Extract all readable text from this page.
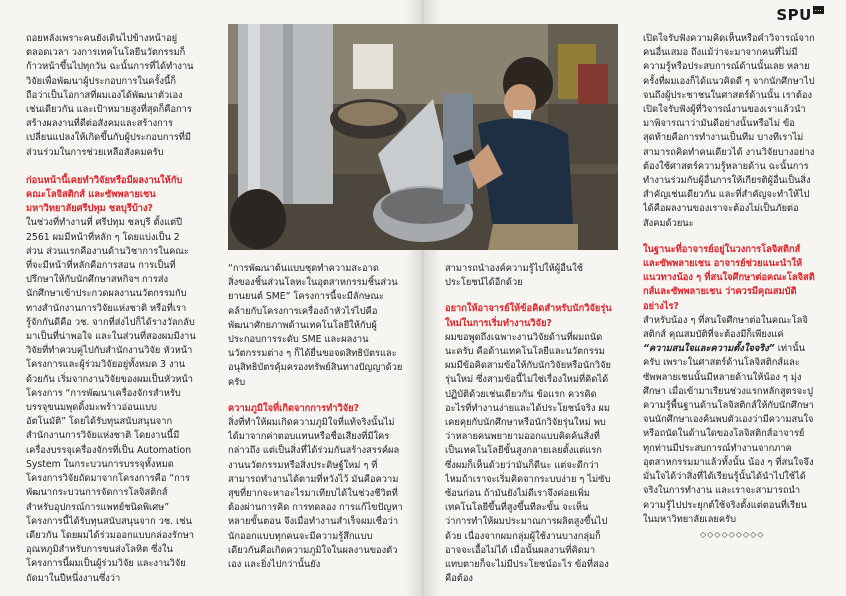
SPU ...

ถอยหลังเพราะคนยังเดินไปข้างหน้าอยู่ตลอดเวลา วงการเทคโนโลยีนวัตกรรมก็ก้าวหน้าขึ้นไปทุกวัน ฉะนั้นการที่ได้ทำงานวิจัยเพื่อพัฒนาผู้ประกอบการในครั้งนี้ก็ถือว่าเป็นโอกาสที่ผมเองได้พัฒนาตัวเองเช่นเดียวกัน และเป้าหมายสูงที่สุดก็คือการสร้างผลงานที่ดีต่อสังคมและสร้างการเปลี่ยนแปลงให้เกิดขึ้นกับผู้ประกอบการที่มีส่วนร่วมในการช่วยเหลือสังคมครับ

ก่อนหน้านี้เคยทำวิจัยหรือมีผลงานให้กับคณะโลจิสติกส์ และซัพพลายเชน มหาวิทยาลัยศรีปทุม ชลบุรีบ้าง?

ในช่วงที่ทำงานที่ ศรีปทุม ชลบุรี ตั้งแต่ปี 2561 ผมมีหน้าที่หลัก ๆ โดยแบ่งเป็น 2 ส่วน ส่วนแรกคืองานด้านวิชาการในคณะ ที่จะมีหน้าที่หลักคือการสอน การเป็นที่ปรึกษาให้กับนักศึกษาสหกิจฯ การส่งนักศึกษาเข้าประกวดผลงานนวัตกรรมกับทางสำนักงานการวิจัยแห่งชาติ หรือที่เรารู้จักกันดีคือ วช. จากที่ส่งไปก็ได้รางวัลกลับมาเป็นที่น่าพอใจ และในส่วนที่สองผมมีงานวิจัยที่ทำควบคู่ไปกับสำนักงานวิจัย หัวหน้าโครงการและผู้ร่วมวิจัยอยู่ทั้งหมด 3 งานด้วยกัน เริ่มจากงานวิจัยของผมเป็นหัวหน้าโครงการ “การพัฒนาเครื่องจักรสำหรับบรรจุขนมพุดดิ้งมะพร้าวอ่อนแบบอัตโนมัติ” โดยได้รับทุนสนับสนุนจากสำนักงานการวิจัยแห่งชาติ โดยงานนี้มีเครื่องบรรจุเครื่องจักรที่เป็น Automation System ในกระบวนการบรรจุทั้งหมด โครงการวิจัยถัดมาจากโครงการคือ “การพัฒนากระบวนการจัดการโลจิสติกส์ สำหรับอุปกรณ์การแพทย์ชนิดพิเศษ” โครงการนี้ได้รับทุนสนับสนุนจาก วช. เช่นเดียวกัน โดยผมได้ร่วมออกแบบกล่องรักษาอุณหภูมิสำหรับการขนส่งโลหิต ซึ่งในโครงการนี้ผมเป็นผู้ร่วมวิจัย และงานวิจัยถัดมาในปีหนึ่งงานซึ่งว่า

“การพัฒนาต้นแบบชุดทำความสะอาดสิ่งของชิ้นส่วนโลหะในอุตสาหกรรมชิ้นส่วนยานยนต์ SME” โครงการนี้จะมีลักษณะคล้ายกับโครงการเครื่องถ้าหัวไร่ไปคือพัฒนาศักยภาพด้านเทคโนโลยีให้กับผู้ประกอบการระดับ SME และผลงานนวัตกรรมต่าง ๆ ก็ได้ยื่นขอจดสิทธิบัตรและอนุสิทธิบัตรคุ้มครองทรัพย์สินทางปัญญาด้วยครับ

ความภูมิใจที่เกิดจากการทำวิจัย?

สิ่งที่ทำให้ผมเกิดความภูมิใจที่แท้จริงนั้นไม่ได้มาจากค่าตอบแทนหรือชื่อเสียงที่มีใครกล่าวถึง แต่เป็นสิ่งที่ได้ร่วมกันสร้างสรรค์ผลงานนวัตกรรมหรือสิ่งประดิษฐ์ใหม่ ๆ ที่สามารถทำงานได้ตามที่หวังไว้ มันคือความสุขที่ยากจะหาอะไรมาเทียบได้ในช่วงชีวิตที่ต้องผ่านการคิด การทดลอง การแก้ไขปัญหาหลายขั้นตอน จึงเมื่อทำงานสำเร็จผมเชื่อว่านักออกแบบทุกคนจะมีความรู้สึกแบบเดียวกันคือเกิดความภูมิใจในผลงานของตัวเอง และยิ่งไปกว่านั้นยัง

สามารถนำองค์ความรู้ไปให้ผู้อื่นใช้ประโยชน์ได้อีกด้วย

อยากให้อาจารย์ให้ข้อคิดสำหรับนักวิจัยรุ่นใหม่ในการเริ่มทำงานวิจัย?

ผมขอพูดถึงเฉพาะงานวิจัยด้านที่ผมถนัดนะครับ คือด้านเทคโนโลยีและนวัตกรรม ผมมีข้อคิดสามข้อให้กับนักวิจัยหรือนักวิจัยรุ่นใหม่ ซึ่งสามข้อนี้ไม่ใช่เรื่องใหม่ที่คิดได้ปฏิบัติด้วยเช่นเดียวกัน ข้อแรก ควรคิดอะไรที่ทำงานง่ายและได้ประโยชน์จริง ผมเคยคุยกับนักศึกษาหรือนักวิจัยรุ่นใหม่ พบว่าหลายคนพยายามออกแบบคิดค้นสิ่งที่เป็นเทคโนโลยีขั้นสูงกลายเลยตั้งแต่แรก ซึ่งผมก็เห็นด้วยว่ามันก็ดีนะ แต่จะดีกว่าไหมถ้าเราจะเริ่มคิดจากระบบง่าย ๆ ไม่ซับซ้อนก่อน ถ้ามันยังไม่ดีเราจึงค่อยเพิ่มเทคโนโลยีขึ้นที่สูงขึ้นทีละขั้น จะเห็นว่าการทำให้ผมประมาณการผลิตสูงขึ้นไปด้วย เนื่องจากผมกลุ่มผู้ใช้งานบางกลุ่มก็อาจจะเอื้อไม่ได้ เมื่อนั้นผลงานที่คิดมาแทบตายก็จะไม่มีประโยชน์อะไร ข้อที่สองคือต้อง

เปิดใจรับฟังความคิดเห็นหรือคำวิจารณ์จากคนอื่นเสมอ ถึงแม้ว่าจะมาจากคนที่ไม่มีความรู้หรือประสบการณ์ด้านนั้นเลย หลายครั้งที่ผมเองก็ได้แนวคิดดี ๆ จากนักศึกษาไปจนถึงผู้ประชาชนในศาสตร์ด้านนั้น เราต้องเปิดใจรับฟังผู้ที่วิจารณ์งานของเราแล้วนำมาพิจารณาว่ามันดีอย่างนั้นหรือไม่ ข้อสุดท้ายคือการทำงานเป็นทีม บางทีเราไม่สามารถคิดทำคนเดียวได้ งานวิจัยบางอย่างต้องใช้ศาสตร์ความรู้หลายด้าน ฉะนั้นการทำงานร่วมกับผู้อื่นการให้เกียรติผู้อื่นเป็นสิ่งสำคัญเช่นเดียวกัน และที่สำคัญจะทำให้ไปได้คือผลงานของเราจะต้องไม่เป็นภัยต่อสังคมด้วยนะ

ในฐานะที่อาจารย์อยู่ในวงการโลจิสติกส์และซัพพลายเชน อาจารย์ช่วยแนะนำให้แนวทางน้อง ๆ ที่สนใจศึกษาต่อคณะโลจิสติกส์และซัพพลายเชน ว่าควรมีคุณสมบัติอย่างไร?

สำหรับน้อง ๆ ที่สนใจศึกษาต่อในคณะโลจิสติกส์ คุณสมบัติที่จะต้องมีก็เพียงแค่ “ความสนใจและความตั้งใจจริง” เท่านั้นครับ เพราะในศาสตร์ด้านโลจิสติกส์และซัพพลายเชนนั้นมีหลายด้านให้น้อง ๆ มุ่งศึกษา เมื่อเข้ามาเรียนช่วงแรกหลักสูตรจะปูความรู้พื้นฐานด้านโลจิสติกส์ให้กับนักศึกษา จนนักศึกษาเองค้นพบตัวเองว่ามีความสนใจหรือถนัดในด้านใดของโลจิสติกส์อาจารย์ทุกท่านมีประสบการณ์ทำงานจากภาคอุตสาหกรรมมาแล้วทั้งนั้น น้อง ๆ ที่สนใจจึงมั่นใจได้ว่าสิ่งที่ได้เรียนรู้นั้นได้นำไปใช้ได้จริงในการทำงาน และเราจะสามารถนำความรู้ไปประยุกต์ใช้จริงตั้งแต่ตอนที่เรียนในมหาวิทยาลัยเลยครับ

◇◇◇◇◇◇◇◇◇
